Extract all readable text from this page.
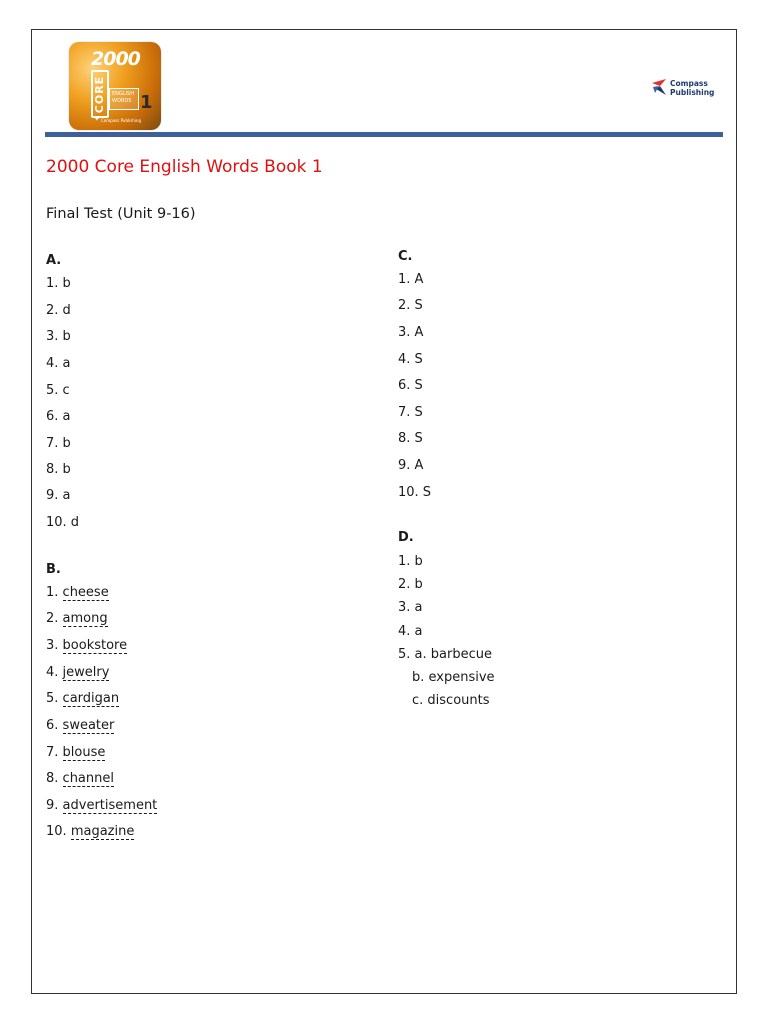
2000
CORE ENGLISH
WORDS 1
✦ Compass Publishing
Compass
Publishing
2000 Core English Words Book 1
Final Test (Unit 9-16)
A.
1. b
2. d
3. b
4. a
5. c
6. a
7. b
8. b
9. a
10. d
B.
1. cheese
2. among
3. bookstore
4. jewelry
5. cardigan
6. sweater
7. blouse
8. channel
9. advertisement
10. magazine
C.
1. A
2. S
3. A
4. S
6. S
7. S
8. S
9. A
10. S
D.
1. b
2. b
3. a
4. a
5. a. barbecue
b. expensive
c. discounts
